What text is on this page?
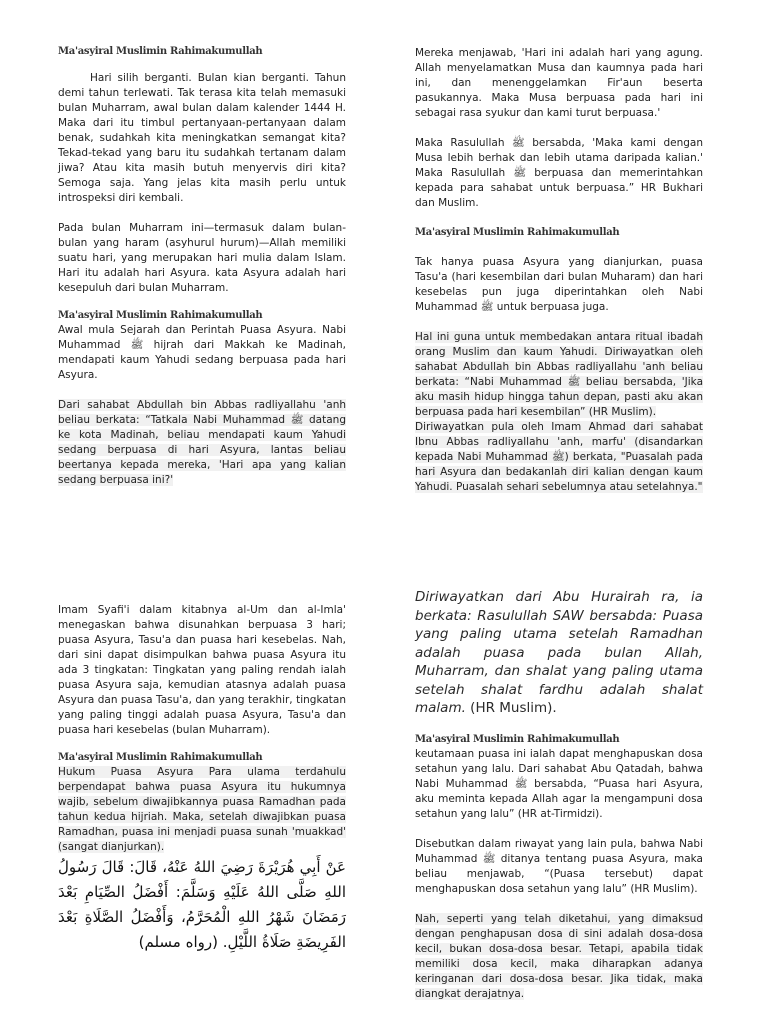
Ma'asyiral Muslimin Rahimakumullah

Hari silih berganti. Bulan kian berganti. Tahun demi tahun terlewati. Tak terasa kita telah memasuki bulan Muharram, awal bulan dalam kalender 1444 H. Maka dari itu timbul pertanyaan-pertanyaan dalam benak, sudahkah kita meningkatkan semangat kita? Tekad-tekad yang baru itu sudahkah tertanam dalam jiwa? Atau kita masih butuh menyervis diri kita? Semoga saja. Yang jelas kita masih perlu untuk introspeksi diri kembali.

Pada bulan Muharram ini—termasuk dalam bulan-bulan yang haram (asyhurul hurum)—Allah memiliki suatu hari, yang merupakan hari mulia dalam Islam. Hari itu adalah hari Asyura. kata Asyura adalah hari kesepuluh dari bulan Muharram.

Ma'asyiral Muslimin Rahimakumullah

Awal mula Sejarah dan Perintah Puasa Asyura. Nabi Muhammad ﷺ hijrah dari Makkah ke Madinah, mendapati kaum Yahudi sedang berpuasa pada hari Asyura.

Dari sahabat Abdullah bin Abbas radliyallahu 'anh beliau berkata: “Tatkala Nabi Muhammad ﷺ datang ke kota Madinah, beliau mendapati kaum Yahudi sedang berpuasa di hari Asyura, lantas beliau beertanya kepada mereka, 'Hari apa yang kalian sedang berpuasa ini?'

Mereka menjawab, 'Hari ini adalah hari yang agung. Allah menyelamatkan Musa dan kaumnya pada hari ini, dan menenggelamkan Fir'aun beserta pasukannya. Maka Musa berpuasa pada hari ini sebagai rasa syukur dan kami turut berpuasa.'

Maka Rasulullah ﷺ bersabda, 'Maka kami dengan Musa lebih berhak dan lebih utama daripada kalian.' Maka Rasulullah ﷺ berpuasa dan memerintahkan kepada para sahabat untuk berpuasa.” HR Bukhari dan Muslim.

Ma'asyiral Muslimin Rahimakumullah

Tak hanya puasa Asyura yang dianjurkan, puasa Tasu'a (hari kesembilan dari bulan Muharam) dan hari kesebelas pun juga diperintahkan oleh Nabi Muhammad ﷺ untuk berpuasa juga.

Hal ini guna untuk membedakan antara ritual ibadah orang Muslim dan kaum Yahudi. Diriwayatkan oleh sahabat Abdullah bin Abbas radliyallahu 'anh beliau berkata: “Nabi Muhammad ﷺ beliau bersabda, 'Jika aku masih hidup hingga tahun depan, pasti aku akan berpuasa pada hari kesembilan” (HR Muslim).

Diriwayatkan pula oleh Imam Ahmad dari sahabat Ibnu Abbas radliyallahu 'anh, marfu' (disandarkan kepada Nabi Muhammad ﷺ) berkata, "Puasalah pada hari Asyura dan bedakanlah diri kalian dengan kaum Yahudi. Puasalah sehari sebelumnya atau setelahnya."

Imam Syafi'i dalam kitabnya al-Um dan al-Imla' menegaskan bahwa disunahkan berpuasa 3 hari; puasa Asyura, Tasu'a dan puasa hari kesebelas. Nah, dari sini dapat disimpulkan bahwa puasa Asyura itu ada 3 tingkatan: Tingkatan yang paling rendah ialah puasa Asyura saja, kemudian atasnya adalah puasa Asyura dan puasa Tasu'a, dan yang terakhir, tingkatan yang paling tinggi adalah puasa Asyura, Tasu'a dan puasa hari kesebelas (bulan Muharram).

Ma'asyiral Muslimin Rahimakumullah

Hukum Puasa Asyura Para ulama terdahulu berpendapat bahwa puasa Asyura itu hukumnya wajib, sebelum diwajibkannya puasa Ramadhan pada tahun kedua hijriah. Maka, setelah diwajibkan puasa Ramadhan, puasa ini menjadi puasa sunah 'muakkad' (sangat dianjurkan).

عَنْ أَبِي هُرَيْرَةَ رَضِيَ اللهُ عَنْهُ، قَالَ: قَالَ رَسُولُ اللهِ صَلَّى اللهُ عَلَيْهِ وَسَلَّمَ: أَفْضَلُ الصِّيَامِ بَعْدَ رَمَضَانَ شَهْرُ اللهِ الْمُحَرَّمُ، وَأَفْضَلُ الصَّلَاةِ بَعْدَ الفَرِيضَةِ صَلَاةُ اللَّيْلِ. (رواه مسلم)

Diriwayatkan dari Abu Hurairah ra, ia berkata: Rasulullah SAW bersabda: Puasa yang paling utama setelah Ramadhan adalah puasa pada bulan Allah, Muharram, dan shalat yang paling utama setelah shalat fardhu adalah shalat malam. (HR Muslim).

Ma'asyiral Muslimin Rahimakumullah

keutamaan puasa ini ialah dapat menghapuskan dosa setahun yang lalu. Dari sahabat Abu Qatadah, bahwa Nabi Muhammad ﷺ bersabda, “Puasa hari Asyura, aku meminta kepada Allah agar la mengampuni dosa setahun yang lalu” (HR at-Tirmidzi).

Disebutkan dalam riwayat yang lain pula, bahwa Nabi Muhammad ﷺ ditanya tentang puasa Asyura, maka beliau menjawab, “(Puasa tersebut) dapat menghapuskan dosa setahun yang lalu” (HR Muslim).

Nah, seperti yang telah diketahui, yang dimaksud dengan penghapusan dosa di sini adalah dosa-dosa kecil, bukan dosa-dosa besar. Tetapi, apabila tidak memiliki dosa kecil, maka diharapkan adanya keringanan dari dosa-dosa besar. Jika tidak, maka diangkat derajatnya.
